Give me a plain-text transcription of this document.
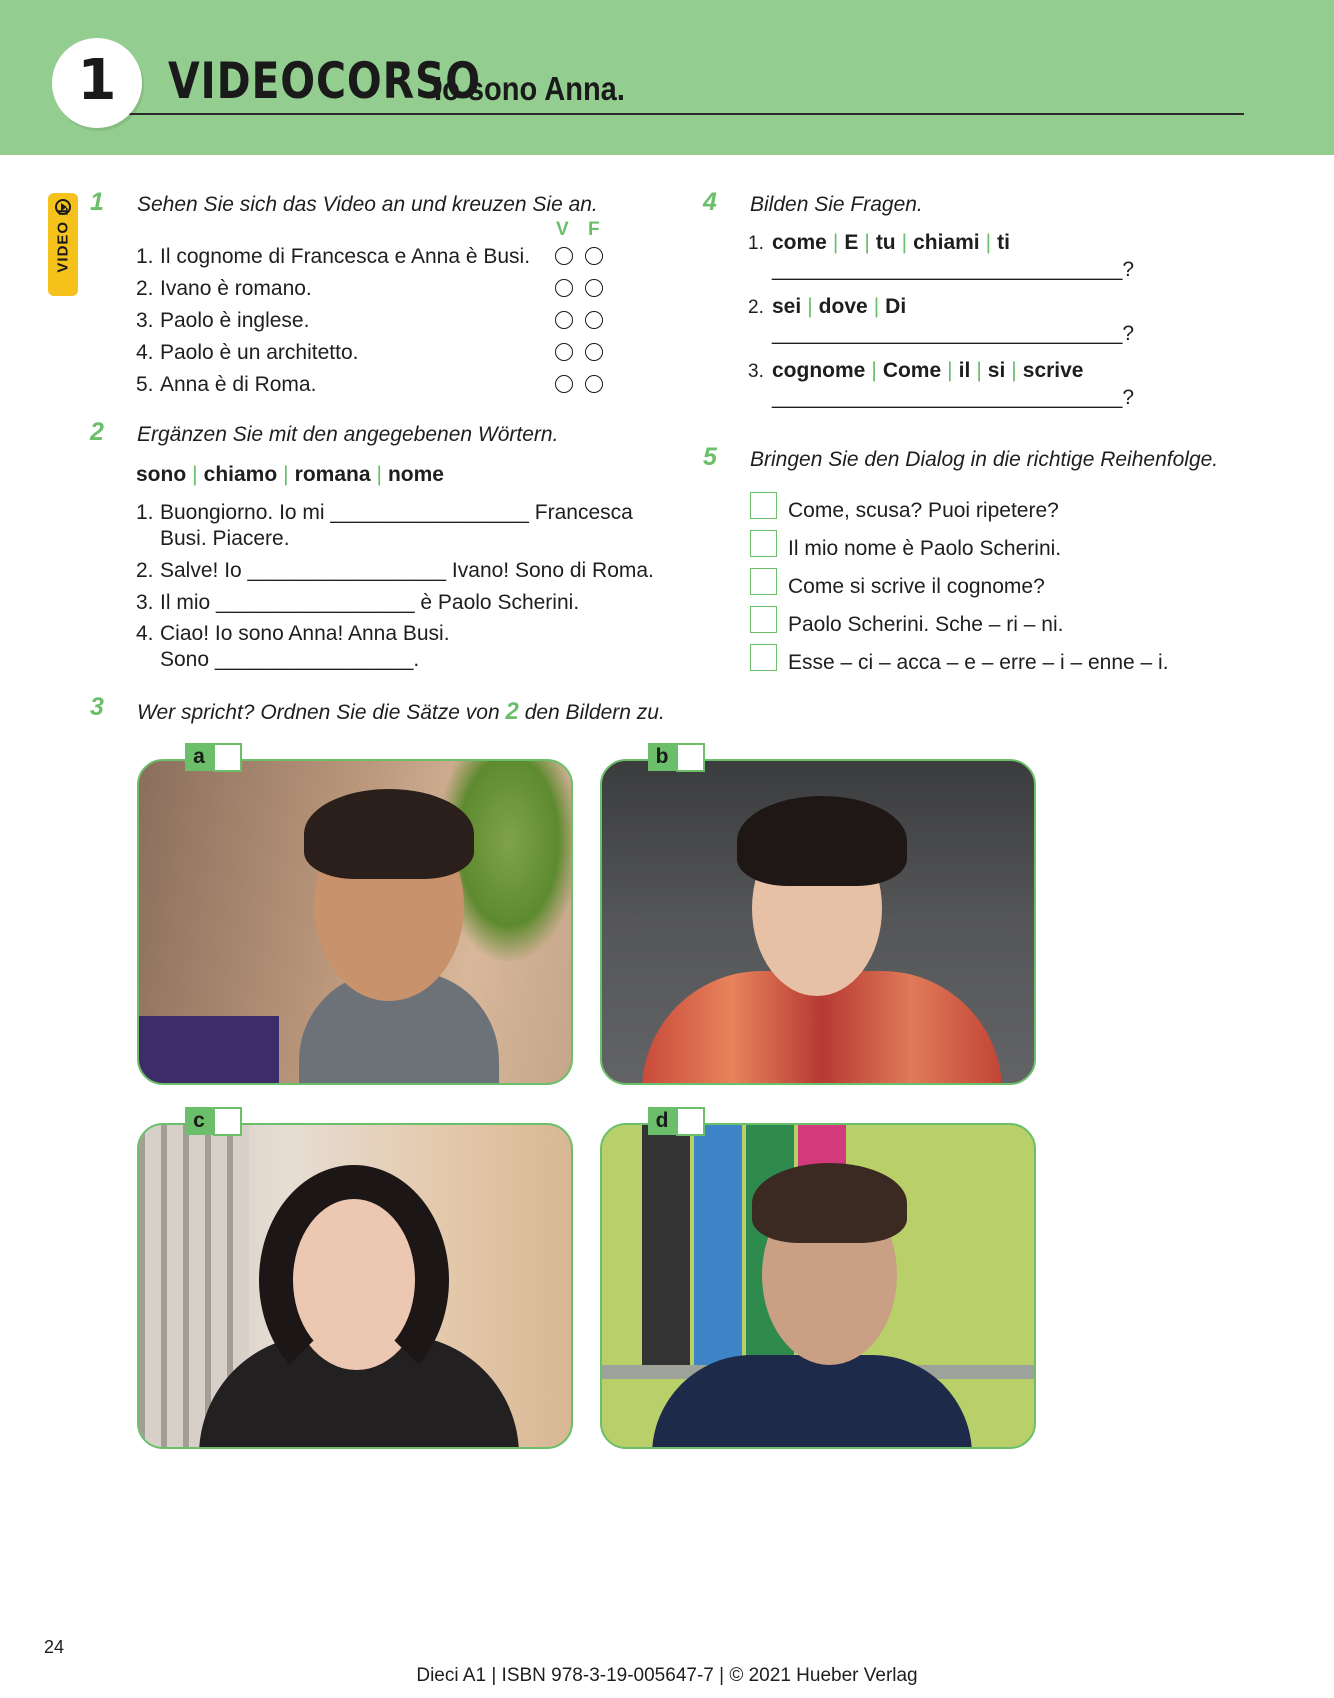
1	VIDEOCORSO
Io sono Anna.
VIDEO 1
1 Sehen Sie sich das Video an und kreuzen Sie an.
V F
1. Il cognome di Francesca e Anna è Busi.
2. Ivano è romano.
3. Paolo è inglese.
4. Paolo è un architetto.
5. Anna è di Roma.
2 Ergänzen Sie mit den angegebenen Wörtern.
sono | chiamo | romana | nome
1. Buongiorno. Io mi _________________ Francesca
Busi. Piacere.
2. Salve! Io _________________ Ivano! Sono di Roma.
3. Il mio _________________ è Paolo Scherini.
4. Ciao! Io sono Anna! Anna Busi.
Sono _________________.
3 Wer spricht? Ordnen Sie die Sätze von 2 den Bildern zu.
a	b
c	d
4 Bilden Sie Fragen.
1. come | E | tu | chiami | ti
______________________________?
2. sei | dove | Di
______________________________?
3. cognome | Come | il | si | scrive
______________________________?
5 Bringen Sie den Dialog in die richtige Reihenfolge.
Come, scusa? Puoi ripetere?
Il mio nome è Paolo Scherini.
Come si scrive il cognome?
Paolo Scherini. Sche – ri – ni.
Esse – ci – acca – e – erre – i – enne – i.
24
Dieci A1 | ISBN 978-3-19-005647-7 | © 2021 Hueber Verlag
